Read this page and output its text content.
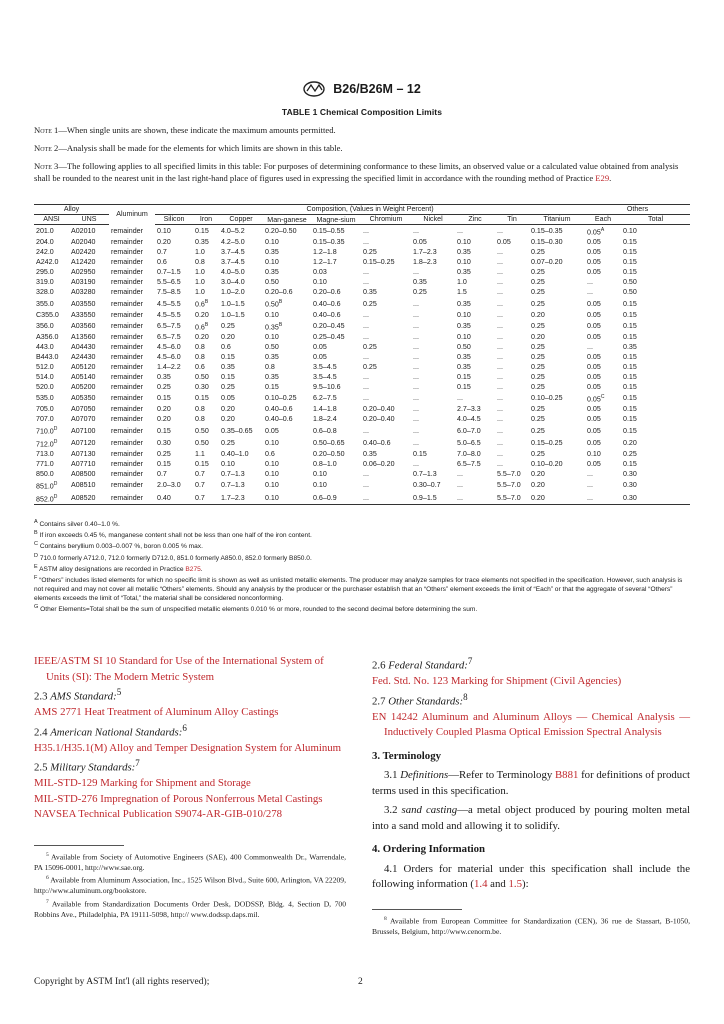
B26/B26M – 12
TABLE 1 Chemical Composition Limits
Note 1—When single units are shown, these indicate the maximum amounts permitted.
Note 2—Analysis shall be made for the elements for which limits are shown in this table.
Note 3—The following applies to all specified limits in this table: For purposes of determining conformance to these limits, an observed value or a calculated value obtained from analysis shall be rounded to the nearest unit in the last right-hand place of figures used in expressing the specified limit in accordance with the rounding method of Practice E29.
Alloy		Aluminum	Composition, (Values in Weight Percent)										Others	
ANSI	UNS		Silicon	Iron	Copper	Man-ganese	Magne-sium	Chromium	Nickel	Zinc	Tin	Titanium	Each	Total
201.0	A02010	remainder	0.10	0.15	4.0–5.2	0.20–0.50	0.15–0.55	...	...	...	...	0.15–0.35	$0.05^A$	0.10
204.0	A02040	remainder	0.20	0.35	4.2–5.0	0.10	0.15–0.35	...	0.05	0.10	0.05	0.15–0.30	0.05	0.15
242.0	A02420	remainder	0.7	1.0	3.7–4.5	0.35	1.2–1.8	0.25	1.7–2.3	0.35	...	0.25	0.05	0.15
A242.0	A12420	remainder	0.6	0.8	3.7–4.5	0.10	1.2–1.7	0.15–0.25	1.8–2.3	0.10	...	0.07–0.20	0.05	0.15
295.0	A02950	remainder	0.7–1.5	1.0	4.0–5.0	0.35	0.03	...	...	0.35	...	0.25	0.05	0.15
319.0	A03190	remainder	5.5–6.5	1.0	3.0–4.0	0.50	0.10	...	0.35	1.0	...	0.25	...	0.50
328.0	A03280	remainder	7.5–8.5	1.0	1.0–2.0	0.20–0.6	0.20–0.6	0.35	0.25	1.5	...	0.25	...	0.50
355.0	A03550	remainder	4.5–5.5	$0.6^B$	1.0–1.5	$0.50^B$	0.40–0.6	0.25	...	0.35	...	0.25	0.05	0.15
C355.0	A33550	remainder	4.5–5.5	0.20	1.0–1.5	0.10	0.40–0.6	...	...	0.10	...	0.20	0.05	0.15
356.0	A03560	remainder	6.5–7.5	$0.6^B$	0.25	$0.35^B$	0.20–0.45	...	...	0.35	...	0.25	0.05	0.15
A356.0	A13560	remainder	6.5–7.5	0.20	0.20	0.10	0.25–0.45	...	...	0.10	...	0.20	0.05	0.15
443.0	A04430	remainder	4.5–6.0	0.8	0.6	0.50	0.05	0.25	...	0.50	...	0.25	...	0.35
B443.0	A24430	remainder	4.5–6.0	0.8	0.15	0.35	0.05	...	...	0.35	...	0.25	0.05	0.15
512.0	A05120	remainder	1.4–2.2	0.6	0.35	0.8	3.5–4.5	0.25	...	0.35	...	0.25	0.05	0.15
514.0	A05140	remainder	0.35	0.50	0.15	0.35	3.5–4.5	...	...	0.15	...	0.25	0.05	0.15
520.0	A05200	remainder	0.25	0.30	0.25	0.15	9.5–10.6	...	...	0.15	...	0.25	0.05	0.15
535.0	A05350	remainder	0.15	0.15	0.05	0.10–0.25	6.2–7.5	...	...	...	...	0.10–0.25	$0.05^C$	0.15
705.0	A07050	remainder	0.20	0.8	0.20	0.40–0.6	1.4–1.8	0.20–0.40	...	2.7–3.3	...	0.25	0.05	0.15
707.0	A07070	remainder	0.20	0.8	0.20	0.40–0.6	1.8–2.4	0.20–0.40	...	4.0–4.5	...	0.25	0.05	0.15
$710.0^D$	A07100	remainder	0.15	0.50	0.35–0.65	0.05	0.6–0.8	...	...	6.0–7.0	...	0.25	0.05	0.15
$712.0^D$	A07120	remainder	0.30	0.50	0.25	0.10	0.50–0.65	0.40–0.6	...	5.0–6.5	...	0.15–0.25	0.05	0.20
713.0	A07130	remainder	0.25	1.1	0.40–1.0	0.6	0.20–0.50	0.35	0.15	7.0–8.0	...	0.25	0.10	0.25
771.0	A07710	remainder	0.15	0.15	0.10	0.10	0.8–1.0	0.06–0.20	...	6.5–7.5	...	0.10–0.20	0.05	0.15
850.0	A08500	remainder	0.7	0.7	0.7–1.3	0.10	0.10	...	0.7–1.3	...	5.5–7.0	0.20	...	0.30
$851.0^D$	A08510	remainder	2.0–3.0	0.7	0.7–1.3	0.10	0.10	...	0.30–0.7	...	5.5–7.0	0.20	...	0.30
$852.0^D$	A08520	remainder	0.40	0.7	1.7–2.3	0.10	0.6–0.9	...	0.9–1.5	...	5.5–7.0	0.20	...	0.30
$^A$ Contains silver 0.40–1.0 %.
$^B$ If iron exceeds 0.45 %, manganese content shall not be less than one half of the iron content.
$^C$ Contains beryllium 0.003–0.007 %, boron 0.005 % max.
$^D$ 710.0 formerly A712.0, 712.0 formerly D712.0, 851.0 formerly A850.0, 852.0 formerly B850.0.
$^E$ ASTM alloy designations are recorded in Practice B275.
$^F$ “Others” includes listed elements for which no specific limit is shown as well as unlisted metallic elements. The producer may analyze samples for trace elements not specified in the specification. However, such analysis is not required and may not cover all metallic “Others” elements. Should any analysis by the producer or the purchaser establish that an “Others” element exceeds the limit of “Each” or that the aggregate of several “Others” elements exceeds the limit of “Total,” the material shall be considered nonconforming.
$^G$ Other Elements=Total shall be the sum of unspecified metallic elements 0.010 % or more, rounded to the second decimal before determining the sum.
IEEE/ASTM SI 10 Standard for Use of the International System of Units (SI): The Modern Metric System
2.3 AMS Standard:$^5$
AMS 2771 Heat Treatment of Aluminum Alloy Castings
2.4 American National Standards:$^6$
H35.1/H35.1(M) Alloy and Temper Designation System for Aluminum
2.5 Military Standards:$^7$
MIL-STD-129 Marking for Shipment and Storage
MIL-STD-276 Impregnation of Porous Nonferrous Metal Castings
NAVSEA Technical Publication S9074-AR-GIB-010/278
$^5$ Available from Society of Automotive Engineers (SAE), 400 Commonwealth Dr., Warrendale, PA 15096-0001, http://www.sae.org.
$^6$ Available from Aluminum Association, Inc., 1525 Wilson Blvd., Suite 600, Arlington, VA 22209, http://www.aluminum.org/bookstore.
$^7$ Available from Standardization Documents Order Desk, DODSSP, Bldg. 4, Section D, 700 Robbins Ave., Philadelphia, PA 19111-5098, http:// www.dodssp.daps.mil.
2.6 Federal Standard:$^7$
Fed. Std. No. 123 Marking for Shipment (Civil Agencies)
2.7 Other Standards:$^8$
EN 14242 Aluminum and Aluminum Alloys — Chemical Analysis — Inductively Coupled Plasma Optical Emission Spectral Analysis
3. Terminology
3.1 Definitions—Refer to Terminology B881 for definitions of product terms used in this specification.
3.2 sand casting—a metal object produced by pouring molten metal into a sand mold and allowing it to solidify.
4. Ordering Information
4.1 Orders for material under this specification shall include the following information (1.4 and 1.5):
$^8$ Available from European Committee for Standardization (CEN), 36 rue de Stassart, B-1050, Brussels, Belgium, http://www.cenorm.be.
Copyright by ASTM Int'l (all rights reserved);	2
